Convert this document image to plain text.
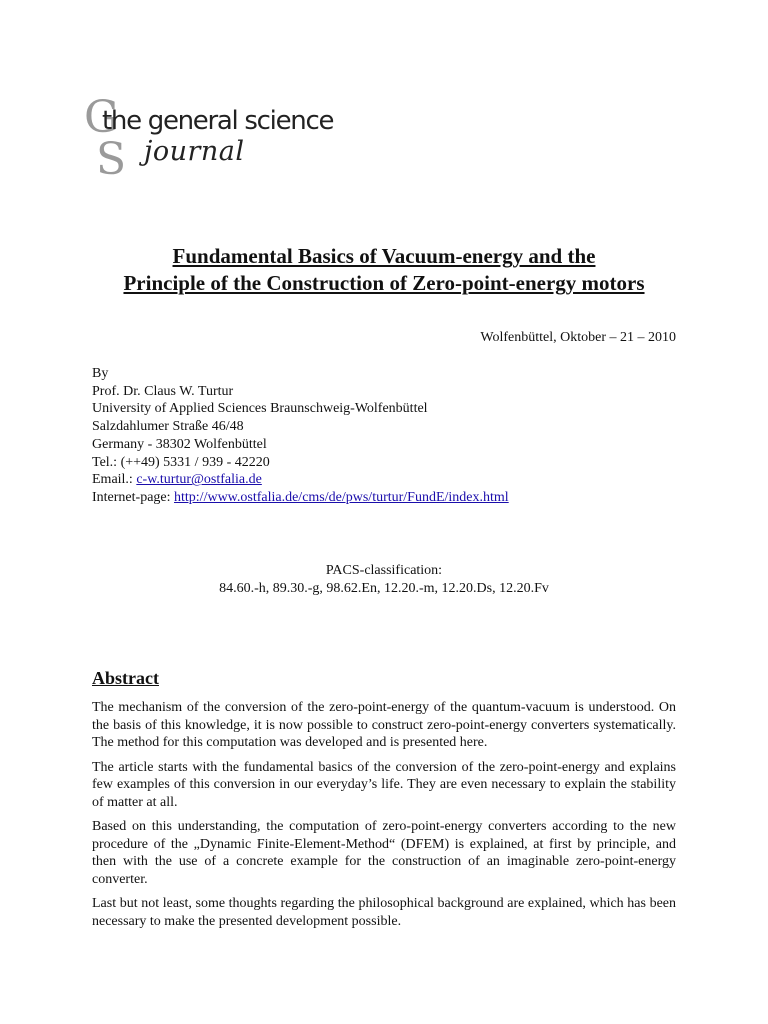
G
S
the general science
journal
Fundamental Basics of Vacuum-energy and the
Principle of the Construction of Zero-point-energy motors
Wolfenbüttel, Oktober – 21 – 2010
By
Prof. Dr. Claus W. Turtur
University of Applied Sciences Braunschweig-Wolfenbüttel
Salzdahlumer Straße 46/48
Germany - 38302 Wolfenbüttel
Tel.: (++49) 5331 / 939 - 42220
Email.: c-w.turtur@ostfalia.de
Internet-page: http://www.ostfalia.de/cms/de/pws/turtur/FundE/index.html
PACS-classification:
84.60.-h, 89.30.-g, 98.62.En, 12.20.-m, 12.20.Ds, 12.20.Fv
Abstract

The mechanism of the conversion of the zero-point-energy of the quantum-vacuum is understood. On the basis of this knowledge, it is now possible to construct zero-point-energy converters systematically. The method for this computation was developed and is presented here.

The article starts with the fundamental basics of the conversion of the zero-point-energy and explains few examples of this conversion in our everyday’s life. They are even necessary to explain the stability of matter at all.

Based on this understanding, the computation of zero-point-energy converters according to the new procedure of the „Dynamic Finite-Element-Method“ (DFEM) is explained, at first by principle, and then with the use of a concrete example for the construction of an imaginable zero-point-energy converter.

Last but not least, some thoughts regarding the philosophical background are explained, which has been necessary to make the presented development possible.
